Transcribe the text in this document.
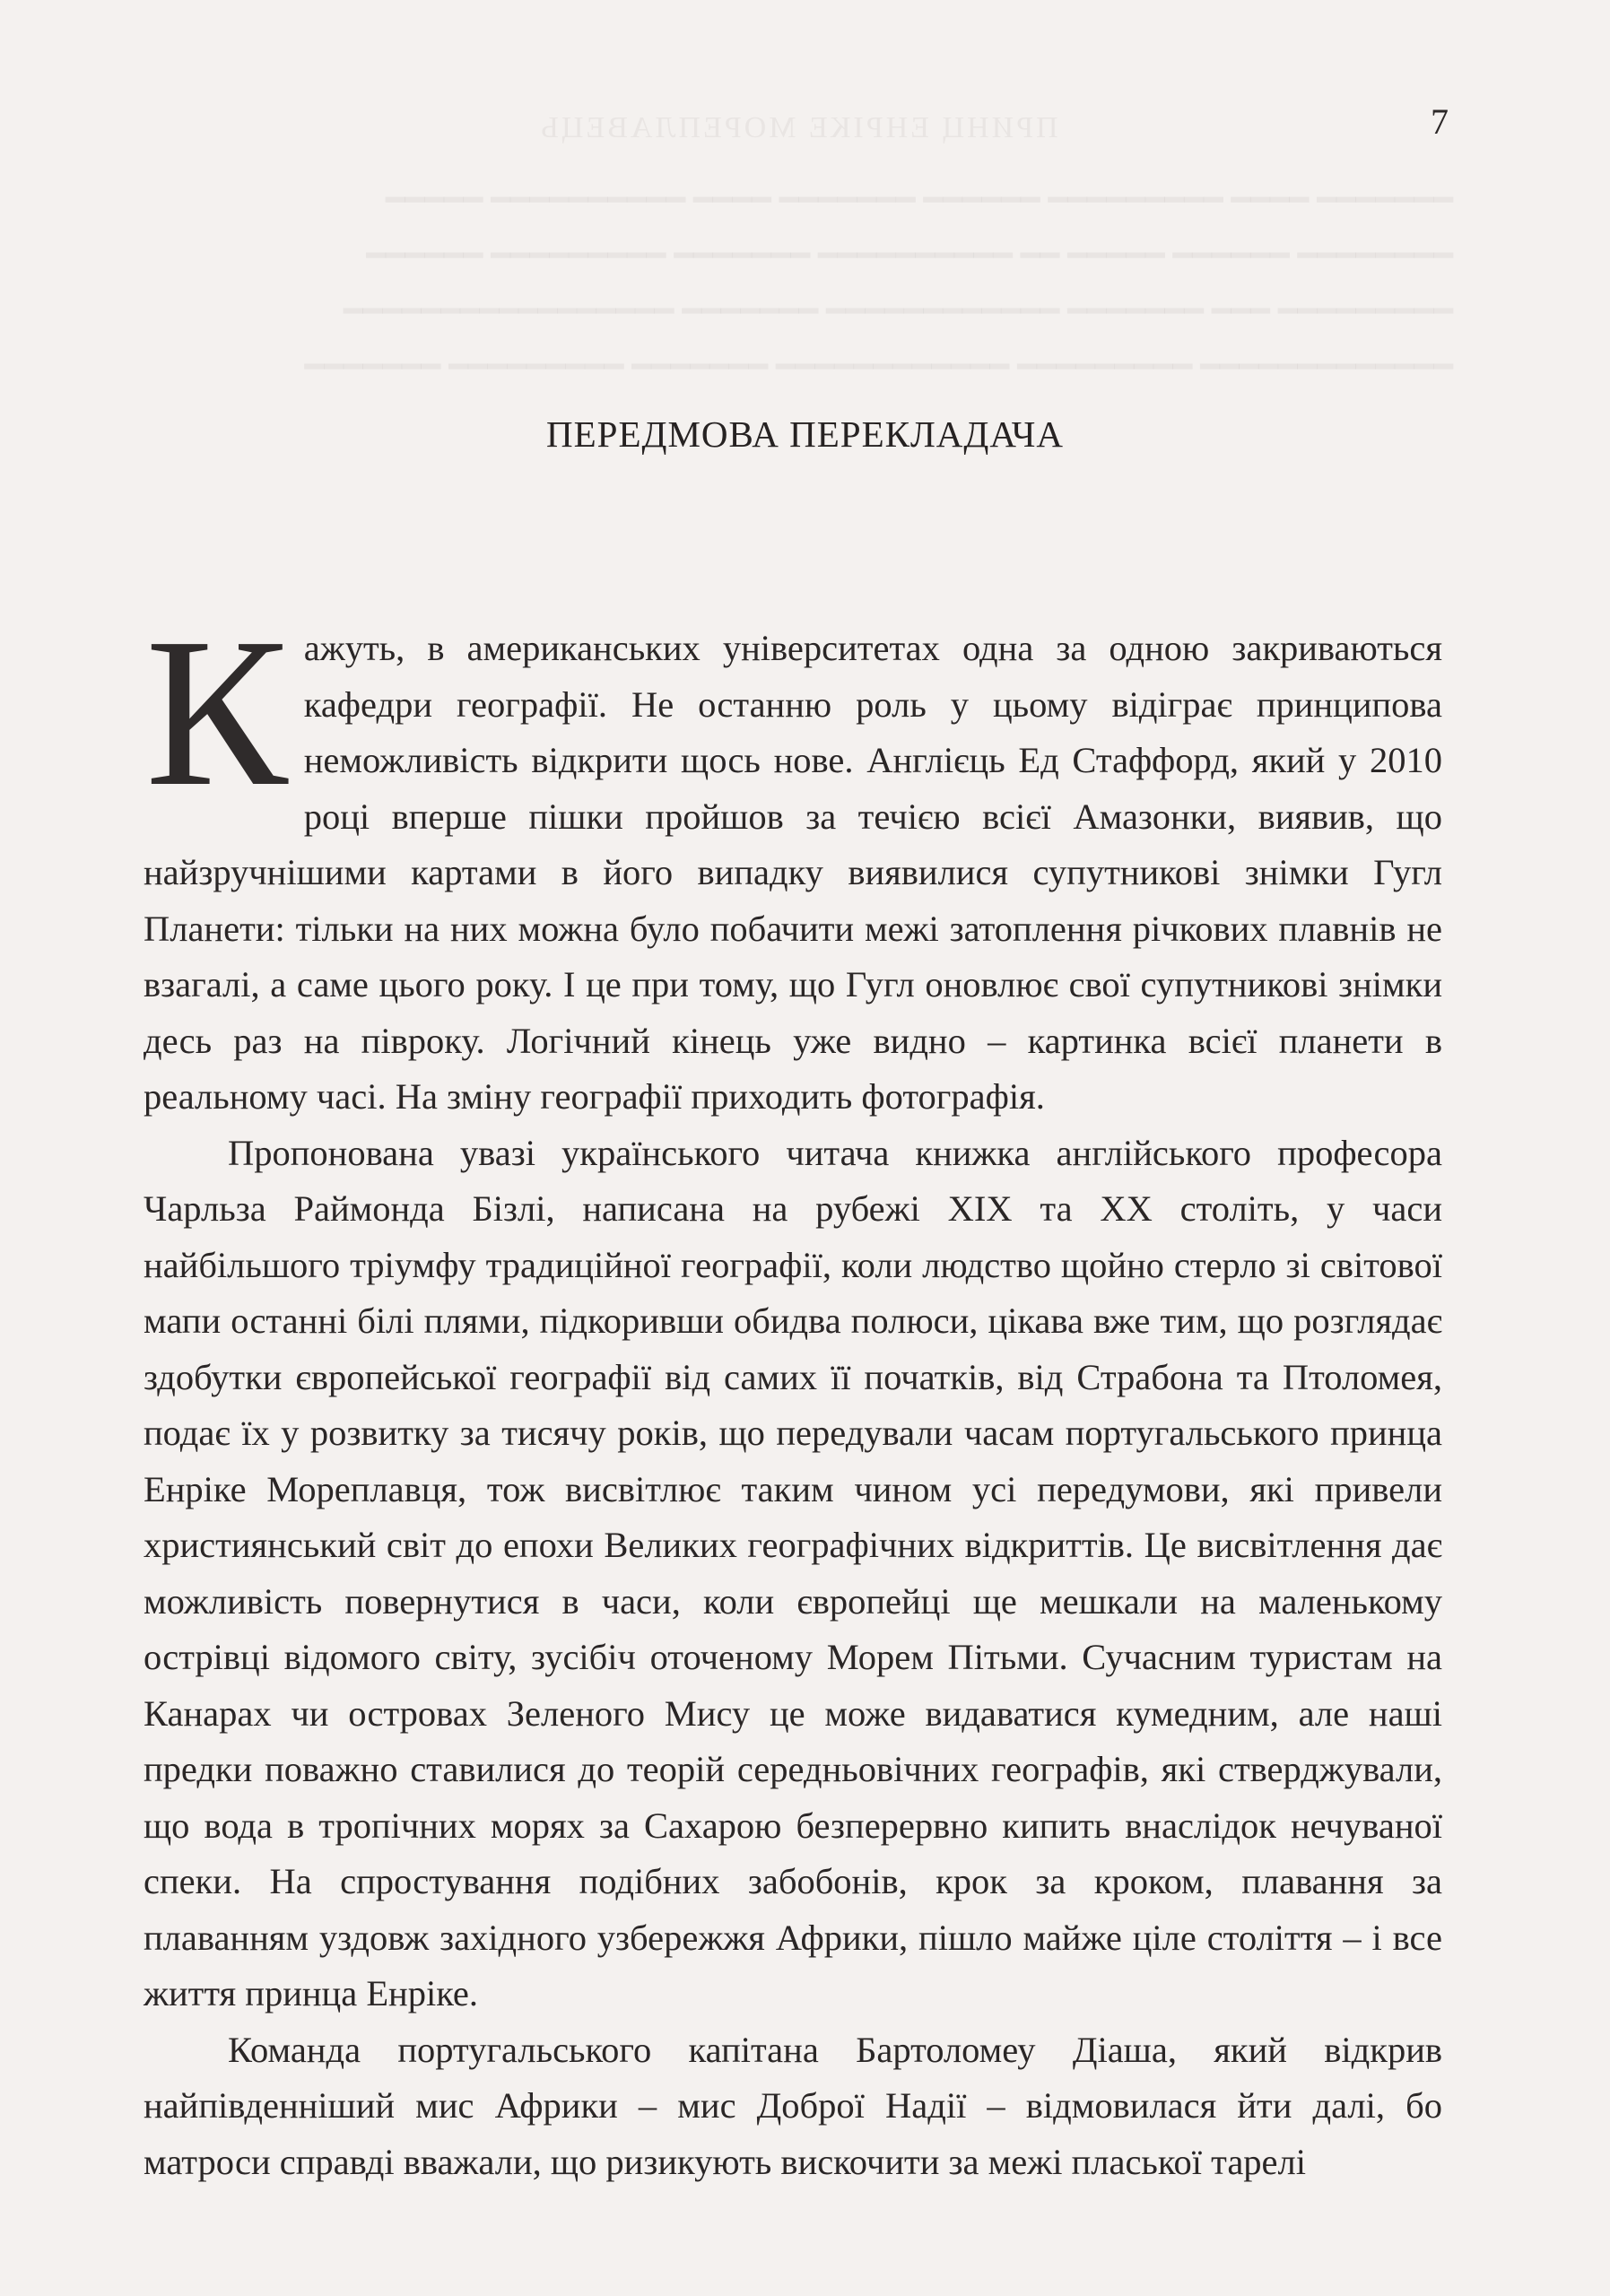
ПРИНЦ ЕНРІКЕ МОРЕПЛАВЕЦЬ
━━━━━━━ ━━━━ ━━━━━━━━━ ━━━━━━ ━━━━━━━ ━━━━ ━━━━━━━━━━ ━━━━━
━━━━━━━━ ━━━━━━ ━━━━━ ━━ ━━━━━━━━━━ ━━━━━━━ ━━━━━━━━━ ━━━━━━
━━━━━━━━━ ━━━ ━━━━━━━ ━━━━━━━━━━━━ ━━━━━━━ ━━━━━━━━━━━━━━━━━
━━━━━━━━━━━━━ ━━━━━━━━━ ━━━━━━━━━━━━ ━━━━━━━ ━━━━━━━━━ ━━━━━━━
7
ПЕРЕДМОВА ПЕРЕКЛАДАЧА

Кажуть, в американських університетах одна за одною закриваються кафедри географії. Не останню роль у цьому відіграє принципова неможливість відкрити щось нове. Англієць Ед Стаффорд, який у 2010 році вперше пішки пройшов за течією всієї Амазонки, виявив, що найзручнішими картами в його випадку виявилися супутникові знімки Гугл Планети: тільки на них можна було побачити межі затоплення річкових плавнів не взагалі, а саме цього року. І це при тому, що Гугл оновлює свої супутникові знімки десь раз на півроку. Логічний кінець уже видно – картинка всієї планети в реальному часі. На зміну географії приходить фотографія.

Пропонована увазі українського читача книжка англійського професора Чарльза Раймонда Бізлі, написана на рубежі XIX та XX століть, у часи найбільшого тріумфу традиційної географії, коли людство щойно стерло зі світової мапи останні білі плями, підкоривши обидва полюси, цікава вже тим, що розглядає здобутки європейської географії від самих її початків, від Страбона та Птоломея, подає їх у розвитку за тисячу років, що передували часам португальського принца Енріке Мореплавця, тож висвітлює таким чином усі передумови, які привели християнський світ до епохи Великих географічних відкриттів. Це висвітлення дає можливість повернутися в часи, коли європейці ще мешкали на маленькому острівці відомого світу, зусібіч оточеному Морем Пітьми. Сучасним туристам на Канарах чи островах Зеленого Мису це може видаватися кумедним, але наші предки поважно ставилися до теорій середньовічних географів, які стверджували, що вода в тропічних морях за Сахарою безперервно кипить внаслідок нечуваної спеки. На спростування подібних забобонів, крок за кроком, плавання за плаванням уздовж західного узбережжя Африки, пішло майже ціле століття – і все життя принца Енріке.

Команда португальського капітана Бартоломеу Діаша, який відкрив найпівденніший мис Африки – мис Доброї Надії – відмовилася йти далі, бо матроси справді вважали, що ризикують вискочити за межі пласької тарелі
